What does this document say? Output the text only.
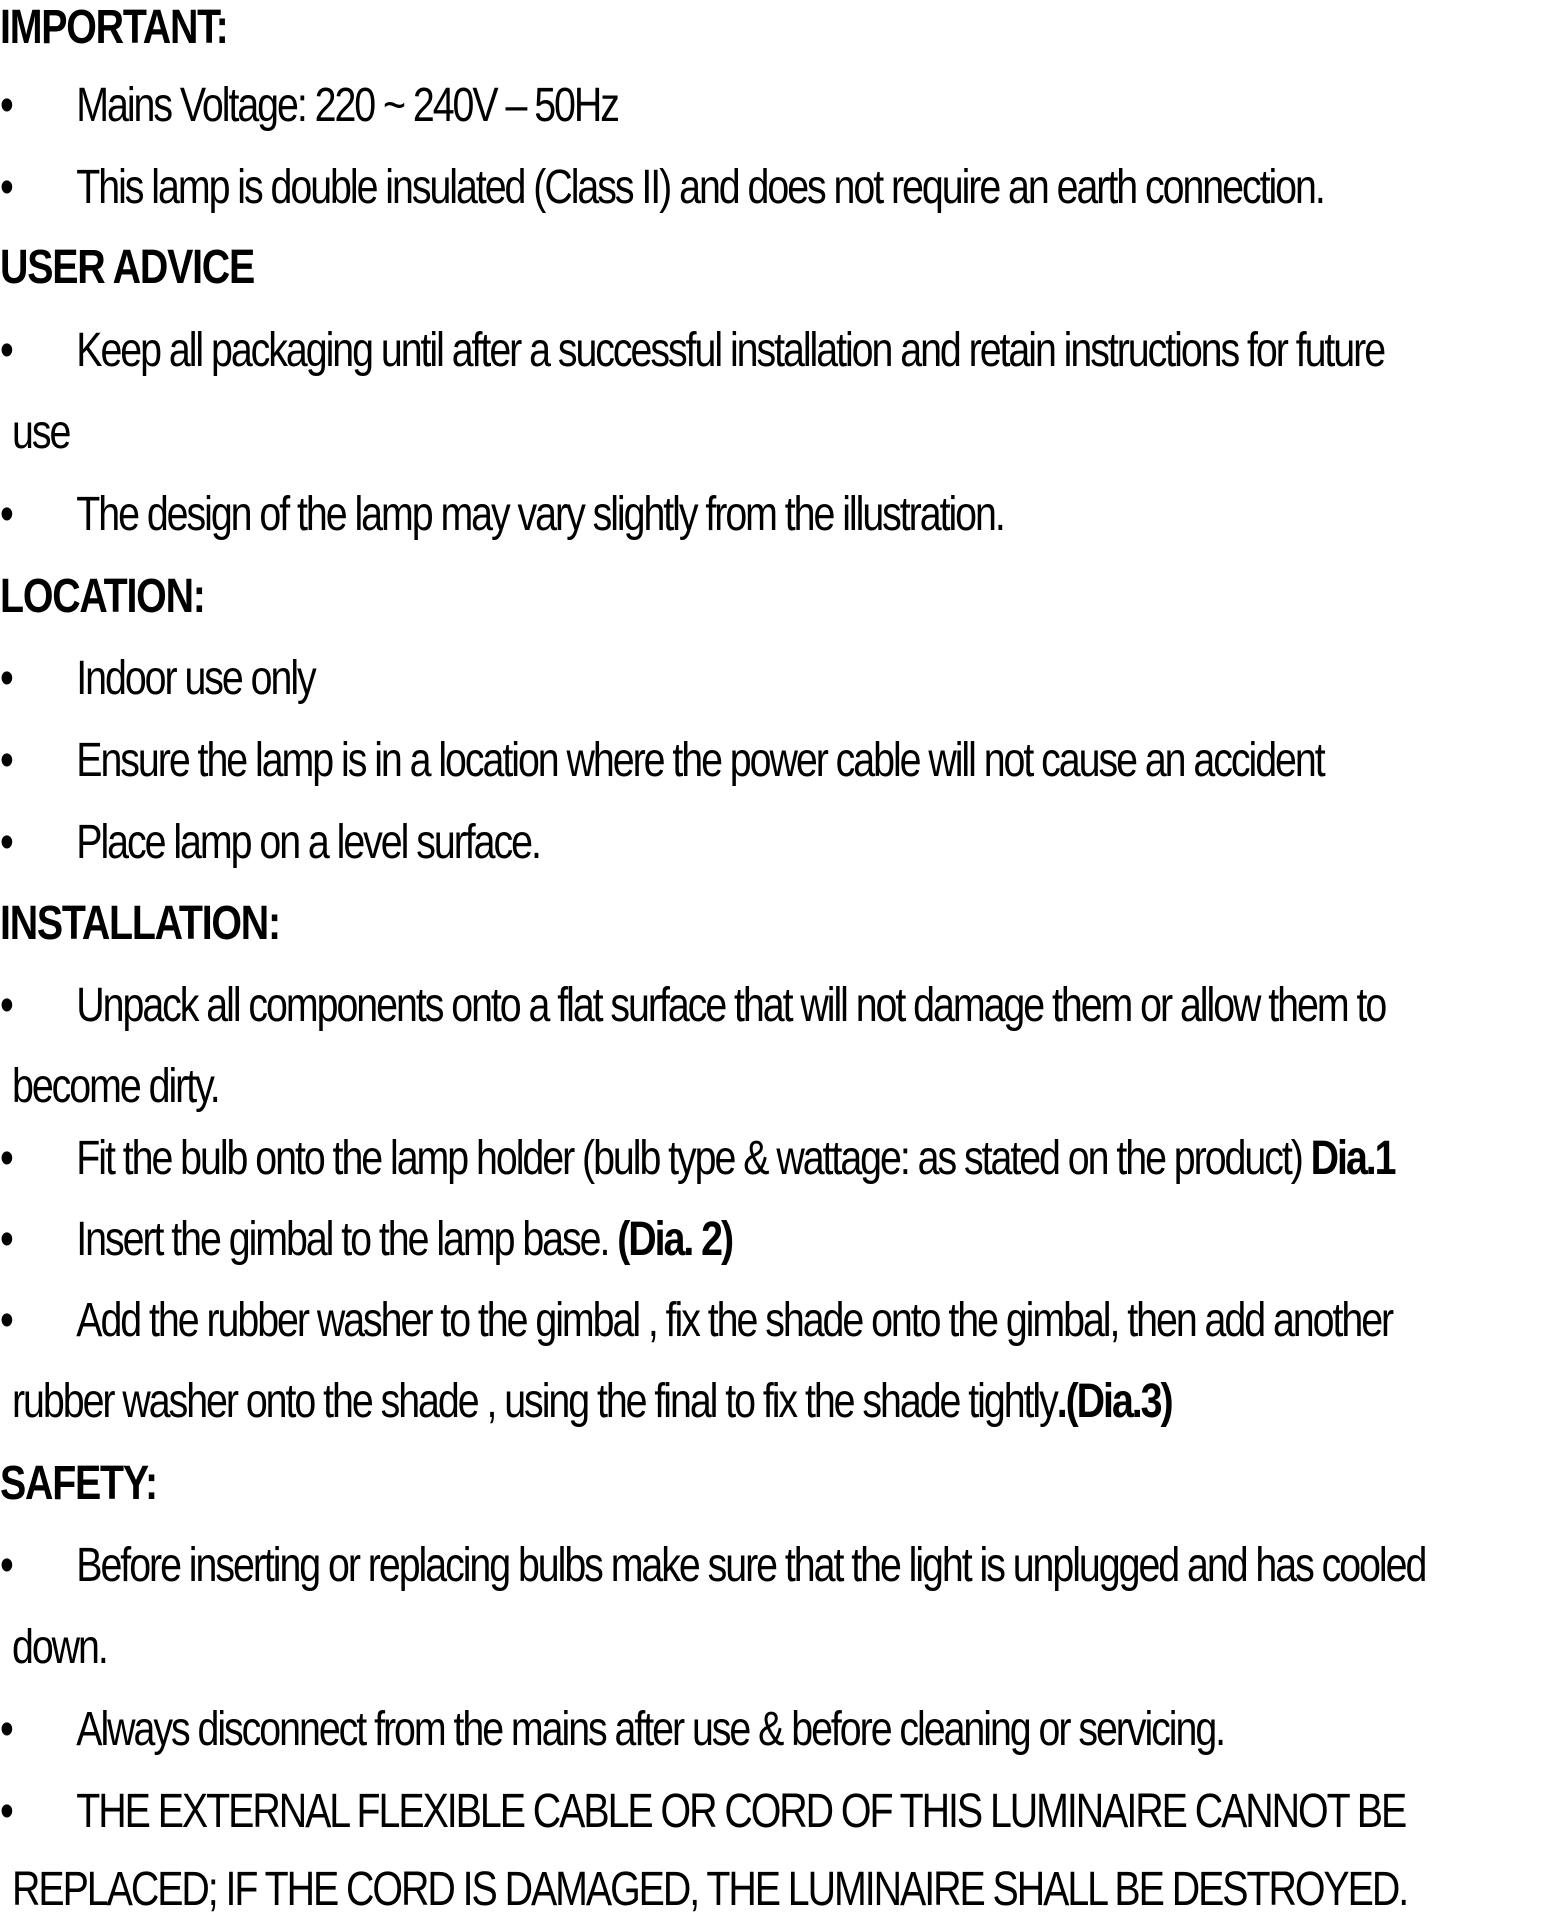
IMPORTANT:
• Mains Voltage: 220 ~ 240V – 50Hz
• This lamp is double insulated (Class II) and does not require an earth connection.
USER ADVICE
• Keep all packaging until after a successful installation and retain instructions for future
use
• The design of the lamp may vary slightly from the illustration.
LOCATION:
• Indoor use only
• Ensure the lamp is in a location where the power cable will not cause an accident
• Place lamp on a level surface.
INSTALLATION:
• Unpack all components onto a flat surface that will not damage them or allow them to
become dirty.
• Fit the bulb onto the lamp holder (bulb type & wattage: as stated on the product) Dia.1
• Insert the gimbal to the lamp base. (Dia. 2)
• Add the rubber washer to the gimbal , fix the shade onto the gimbal, then add another
rubber washer onto the shade , using the final to fix the shade tightly.(Dia.3)
SAFETY:
• Before inserting or replacing bulbs make sure that the light is unplugged and has cooled
down.
• Always disconnect from the mains after use & before cleaning or servicing.
• THE EXTERNAL FLEXIBLE CABLE OR CORD OF THIS LUMINAIRE CANNOT BE
REPLACED; IF THE CORD IS DAMAGED, THE LUMINAIRE SHALL BE DESTROYED.
